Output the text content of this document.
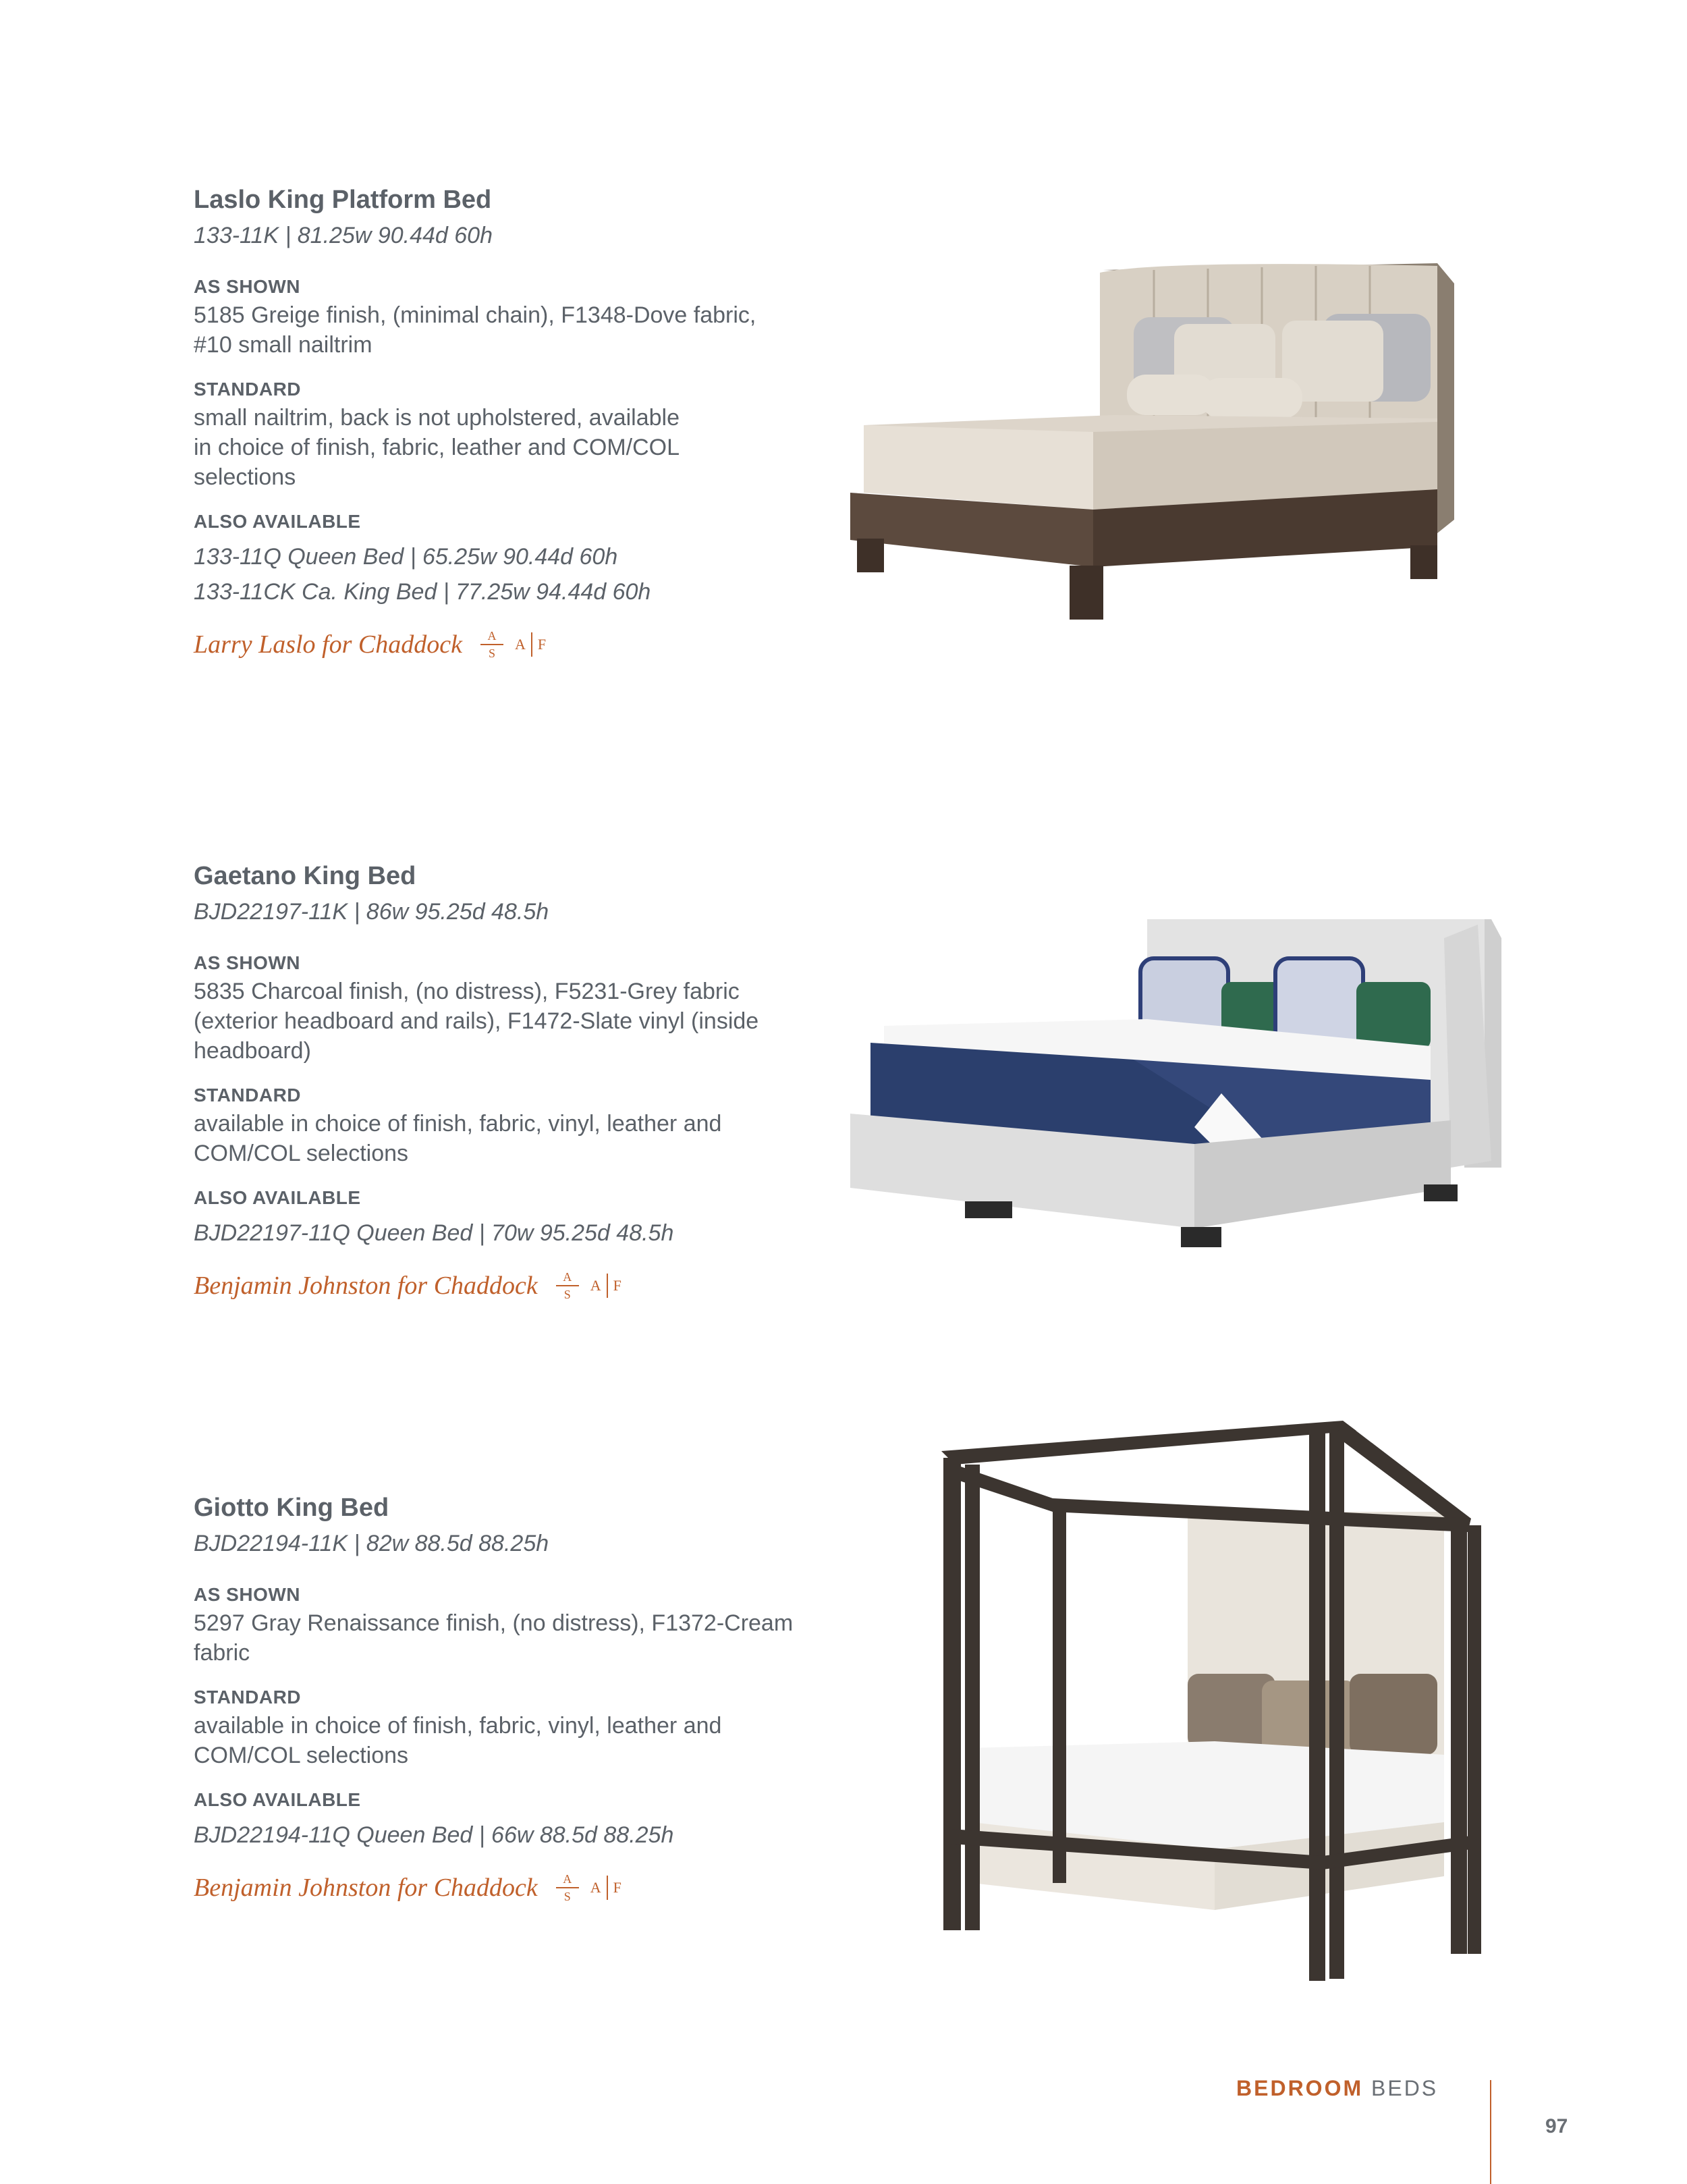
Laslo King Platform Bed
133-11K | 81.25w 90.44d 60h
AS SHOWN
5185 Greige finish, (minimal chain), F1348-Dove fabric,
#10 small nailtrim
STANDARD
small nailtrim, back is not upholstered, available
in choice of finish, fabric, leather and COM/COL
selections
ALSO AVAILABLE
133-11Q Queen Bed | 65.25w 90.44d 60h
133-11CK Ca. King Bed | 77.25w 94.44d 60h
Larry Laslo for Chaddock $\frac{A}{S}$ A F
Gaetano King Bed
BJD22197-11K | 86w 95.25d 48.5h
AS SHOWN
5835 Charcoal finish, (no distress), F5231-Grey fabric
(exterior headboard and rails), F1472-Slate vinyl (inside
headboard)
STANDARD
available in choice of finish, fabric, vinyl, leather and
COM/COL selections
ALSO AVAILABLE
BJD22197-11Q Queen Bed | 70w 95.25d 48.5h
Benjamin Johnston for Chaddock $\frac{A}{S}$ A F
Giotto King Bed
BJD22194-11K | 82w 88.5d 88.25h
AS SHOWN
5297 Gray Renaissance finish, (no distress), F1372-Cream
fabric
STANDARD
available in choice of finish, fabric, vinyl, leather and
COM/COL selections
ALSO AVAILABLE
BJD22194-11Q Queen Bed | 66w 88.5d 88.25h
Benjamin Johnston for Chaddock $\frac{A}{S}$ A F
BEDROOM BEDS
97
